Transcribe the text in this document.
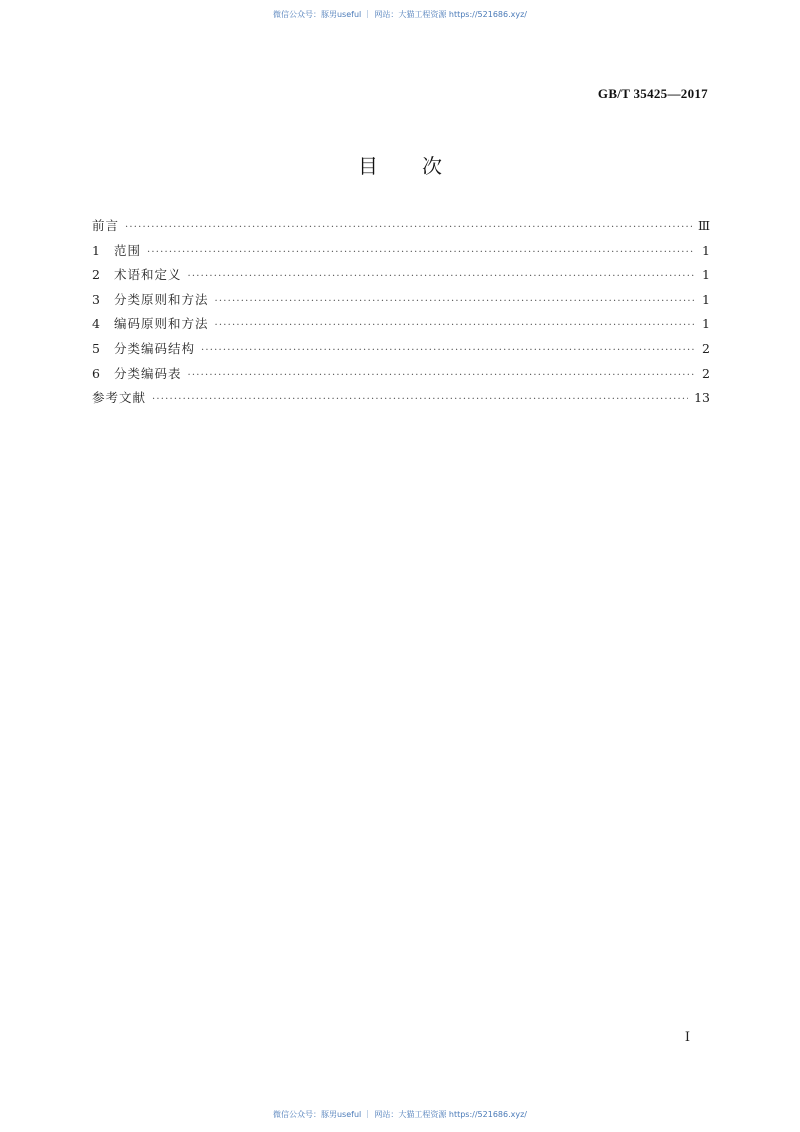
微信公众号：豚男useful ｜ 网站：大猫工程资源 https://521686.xyz/
GB/T 35425—2017
目次
前言 ·····	Ⅲ
1	范围 ·····	1
2	术语和定义 ·····	1
3	分类原则和方法 ·····	1
4	编码原则和方法 ·····	1
5	分类编码结构 ·····	2
6	分类编码表 ·····	2
参考文献 ·····	13
Ⅰ
微信公众号：豚男useful ｜ 网站：大猫工程资源 https://521686.xyz/
